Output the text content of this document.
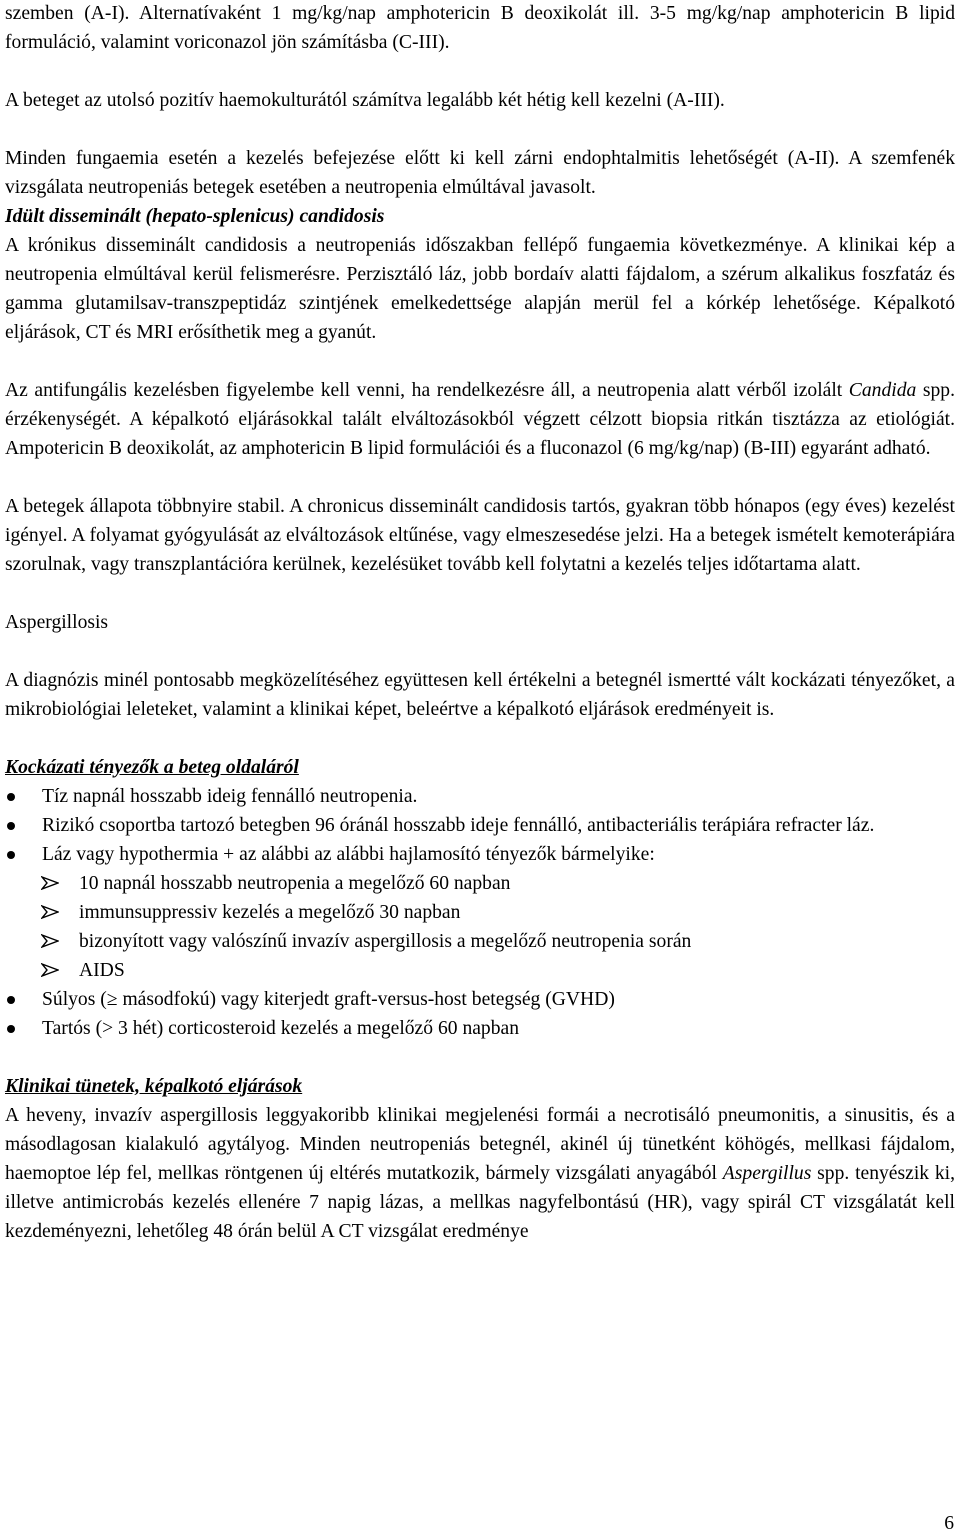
szemben (A-I). Alternatívaként 1 mg/kg/nap amphotericin B deoxikolát ill. 3-5 mg/kg/nap amphotericin B lipid formuláció, valamint voriconazol jön számításba (C-III).

A beteget az utolsó pozitív haemokulturától számítva legalább két hétig kell kezelni (A-III).

Minden fungaemia esetén a kezelés befejezése előtt ki kell zárni endophtalmitis lehetőségét (A-II). A szemfenék vizsgálata neutropeniás betegek esetében a neutropenia elmúltával javasolt.

Idült disseminált (hepato-splenicus) candidosis

A krónikus disseminált candidosis a neutropeniás időszakban fellépő fungaemia következménye. A klinikai kép a neutropenia elmúltával kerül felismerésre. Perzisztáló láz, jobb bordaív alatti fájdalom, a szérum alkalikus foszfatáz és gamma glutamilsav-transzpeptidáz szintjének emelkedettsége alapján merül fel a kórkép lehetősége. Képalkotó eljárások, CT és MRI erősíthetik meg a gyanút.

Az antifungális kezelésben figyelembe kell venni, ha rendelkezésre áll, a neutropenia alatt vérből izolált Candida spp. érzékenységét. A képalkotó eljárásokkal talált elváltozásokból végzett célzott biopsia ritkán tisztázza az etiológiát. Ampotericin B deoxikolát, az amphotericin B lipid formulációi és a fluconazol (6 mg/kg/nap) (B-III) egyaránt adható.

A betegek állapota többnyire stabil. A chronicus disseminált candidosis tartós, gyakran több hónapos (egy éves) kezelést igényel. A folyamat gyógyulását az elváltozások eltűnése, vagy elmeszesedése jelzi. Ha a betegek ismételt kemoterápiára szorulnak, vagy transzplantációra kerülnek, kezelésüket tovább kell folytatni a kezelés teljes időtartama alatt.

Aspergillosis

A diagnózis minél pontosabb megközelítéséhez együttesen kell értékelni a betegnél ismertté vált kockázati tényezőket, a mikrobiológiai leleteket, valamint a klinikai képet, beleértve a képalkotó eljárások eredményeit is.

Kockázati tényezők a beteg oldaláról

Tíz napnál hosszabb ideig fennálló neutropenia.
Rizikó csoportba tartozó betegben 96 óránál hosszabb ideje fennálló, antibacteriális terápiára refracter láz.
Láz vagy hypothermia + az alábbi az alábbi hajlamosító tényezők bármelyike:
10 napnál hosszabb neutropenia a megelőző 60 napban
immunsuppressiv kezelés a megelőző 30 napban
bizonyított vagy valószínű invazív aspergillosis a megelőző neutropenia során
AIDS
Súlyos (≥ másodfokú) vagy kiterjedt graft-versus-host betegség (GVHD)
Tartós (> 3 hét) corticosteroid kezelés a megelőző 60 napban

Klinikai tünetek, képalkotó eljárások

A heveny, invazív aspergillosis leggyakoribb klinikai megjelenési formái a necrotisáló pneumonitis, a sinusitis, és a másodlagosan kialakuló agytályog. Minden neutropeniás betegnél, akinél új tünetként köhögés, mellkasi fájdalom, haemoptoe lép fel, mellkas röntgenen új eltérés mutatkozik, bármely vizsgálati anyagából Aspergillus spp. tenyészik ki, illetve antimicrobás kezelés ellenére 7 napig lázas, a mellkas nagyfelbontású (HR), vagy spirál CT vizsgálatát kell kezdeményezni, lehetőleg 48 órán belül A CT vizsgálat eredménye

6
